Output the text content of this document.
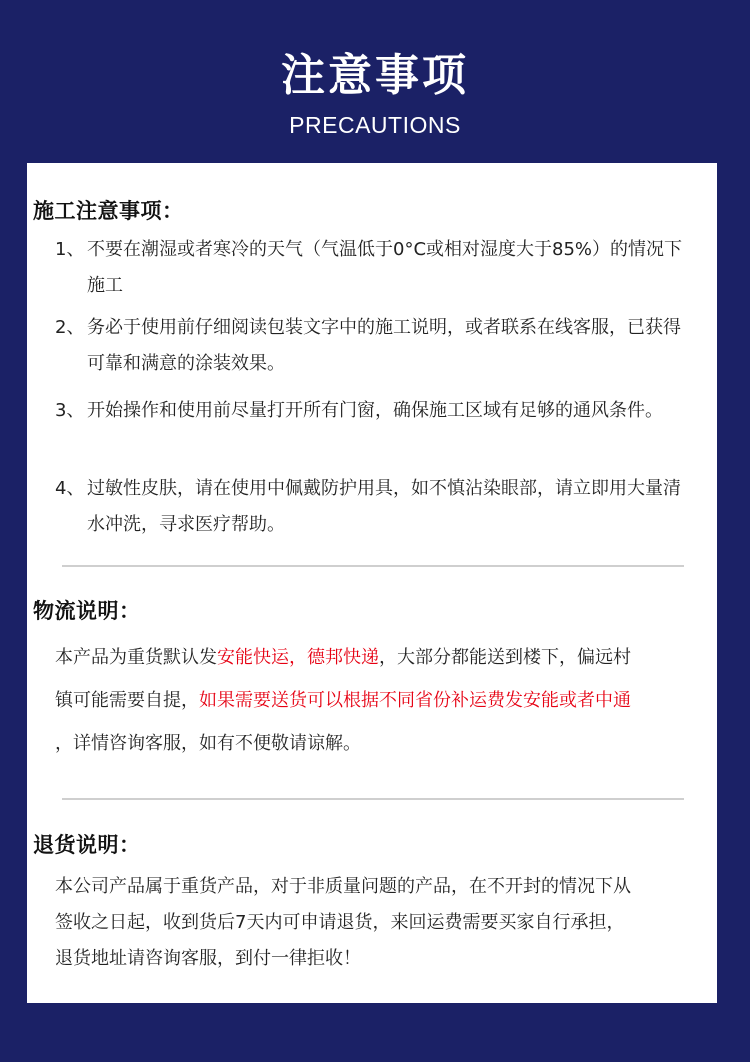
注意事项
PRECAUTIONS
施工注意事项：
1、 不要在潮湿或者寒冷的天气（气温低于0°C或相对湿度大于85%）的情况下施工
2、 务必于使用前仔细阅读包装文字中的施工说明，或者联系在线客服，已获得可靠和满意的涂装效果。
3、 开始操作和使用前尽量打开所有门窗，确保施工区域有足够的通风条件。
4、 过敏性皮肤，请在使用中佩戴防护用具，如不慎沾染眼部，请立即用大量清水冲洗，寻求医疗帮助。
物流说明：
本产品为重货默认发安能快运，德邦快递，大部分都能送到楼下，偏远村
镇可能需要自提，如果需要送货可以根据不同省份补运费发安能或者中通
，详情咨询客服，如有不便敬请谅解。
退货说明：
本公司产品属于重货产品，对于非质量问题的产品，在不开封的情况下从
签收之日起，收到货后7天内可申请退货，来回运费需要买家自行承担，
退货地址请咨询客服，到付一律拒收！
